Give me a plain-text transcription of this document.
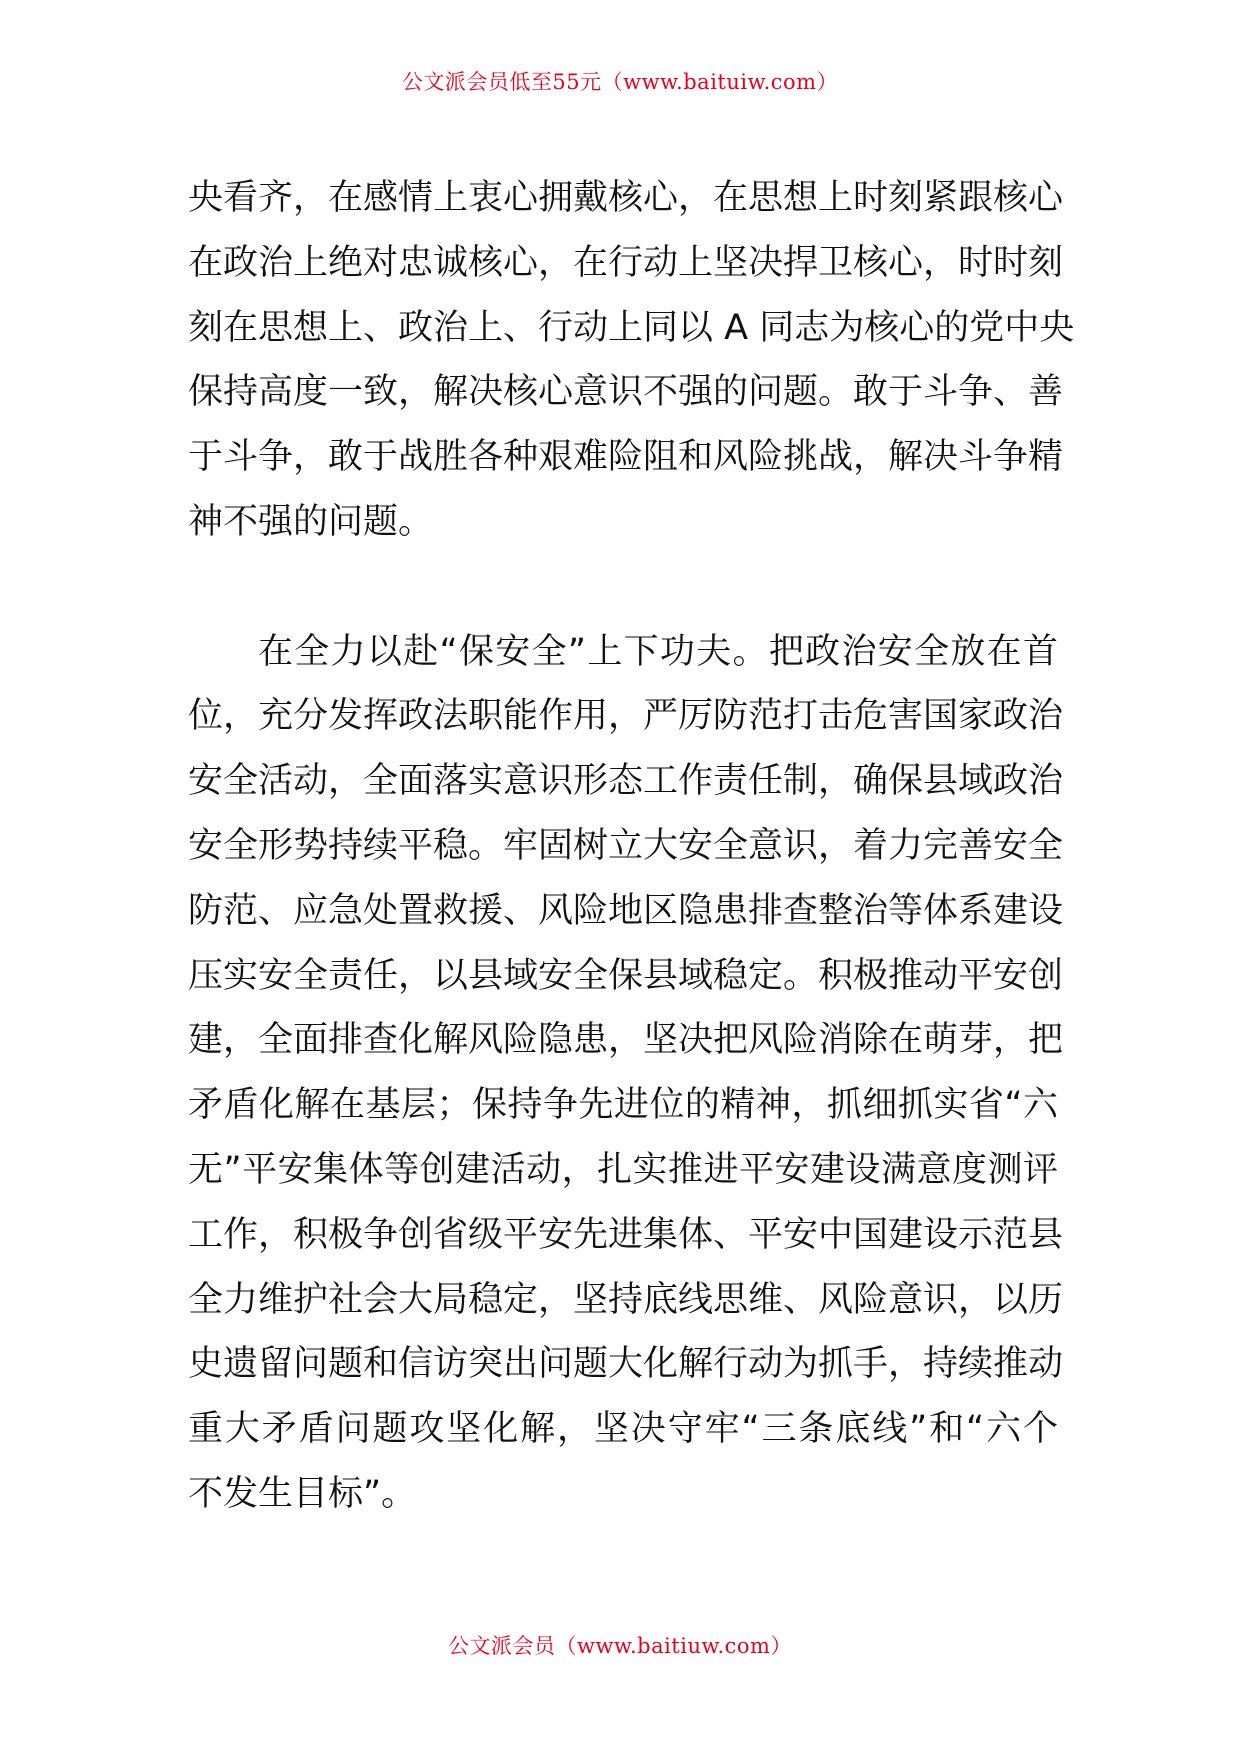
公文派会员低至55元（www.baituiw.com）
央看齐，在感情上衷心拥戴核心，在思想上时刻紧跟核心
在政治上绝对忠诚核心，在行动上坚决捍卫核心，时时刻
刻在思想上、政治上、行动上同以 A 同志为核心的党中央
保持高度一致，解决核心意识不强的问题。敢于斗争、善
于斗争，敢于战胜各种艰难险阻和风险挑战，解决斗争精
神不强的问题。
在全力以赴“保安全”上下功夫。把政治安全放在首
位，充分发挥政法职能作用，严厉防范打击危害国家政治
安全活动，全面落实意识形态工作责任制，确保县域政治
安全形势持续平稳。牢固树立大安全意识，着力完善安全
防范、应急处置救援、风险地区隐患排查整治等体系建设
压实安全责任，以县域安全保县域稳定。积极推动平安创
建，全面排查化解风险隐患，坚决把风险消除在萌芽，把
矛盾化解在基层；保持争先进位的精神，抓细抓实省“六
无”平安集体等创建活动，扎实推进平安建设满意度测评
工作，积极争创省级平安先进集体、平安中国建设示范县
全力维护社会大局稳定，坚持底线思维、风险意识，以历
史遗留问题和信访突出问题大化解行动为抓手，持续推动
重大矛盾问题攻坚化解，坚决守牢“三条底线”和“六个
不发生目标”。
公文派会员（www.baitiuw.com）
